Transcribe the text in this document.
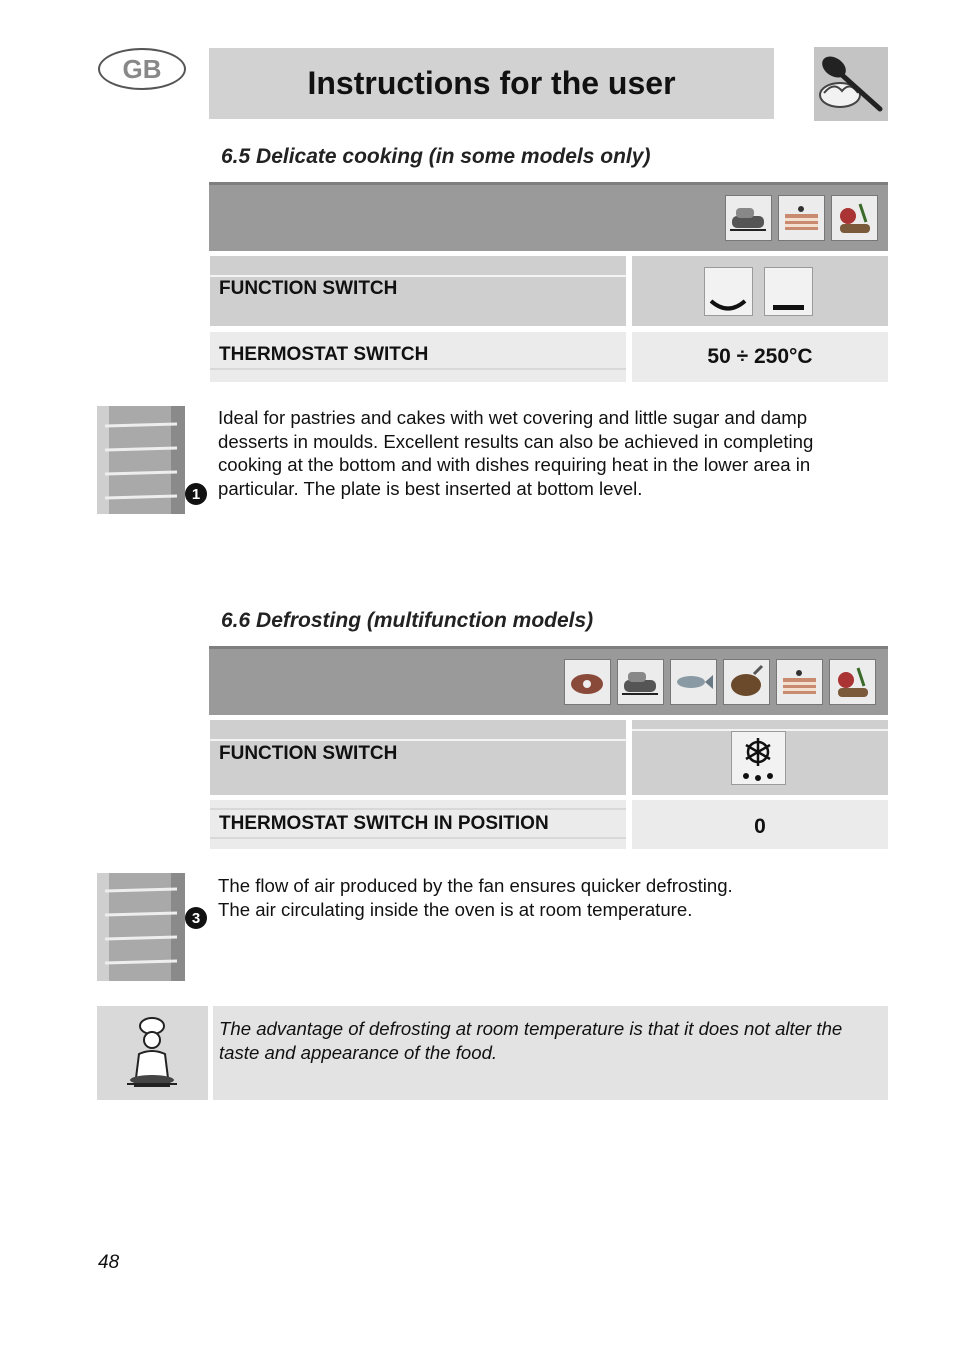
GB	Instructions for the user
6.5 Delicate cooking (in some models only)
FUNCTION SWITCH
THERMOSTAT SWITCH	50 ÷ 250°C
1
Ideal for pastries and cakes with wet covering and little sugar and damp desserts in moulds. Excellent results can also be achieved in completing cooking at the bottom and with dishes requiring heat in the lower area in particular. The plate is best inserted at bottom level.
6.6 Defrosting (multifunction models)
FUNCTION SWITCH
THERMOSTAT SWITCH IN POSITION	0
3
The flow of air produced by the fan ensures quicker defrosting.
The air circulating inside the oven is at room temperature.
The advantage of defrosting at room temperature is that it does not alter the taste and appearance of the food.
48
